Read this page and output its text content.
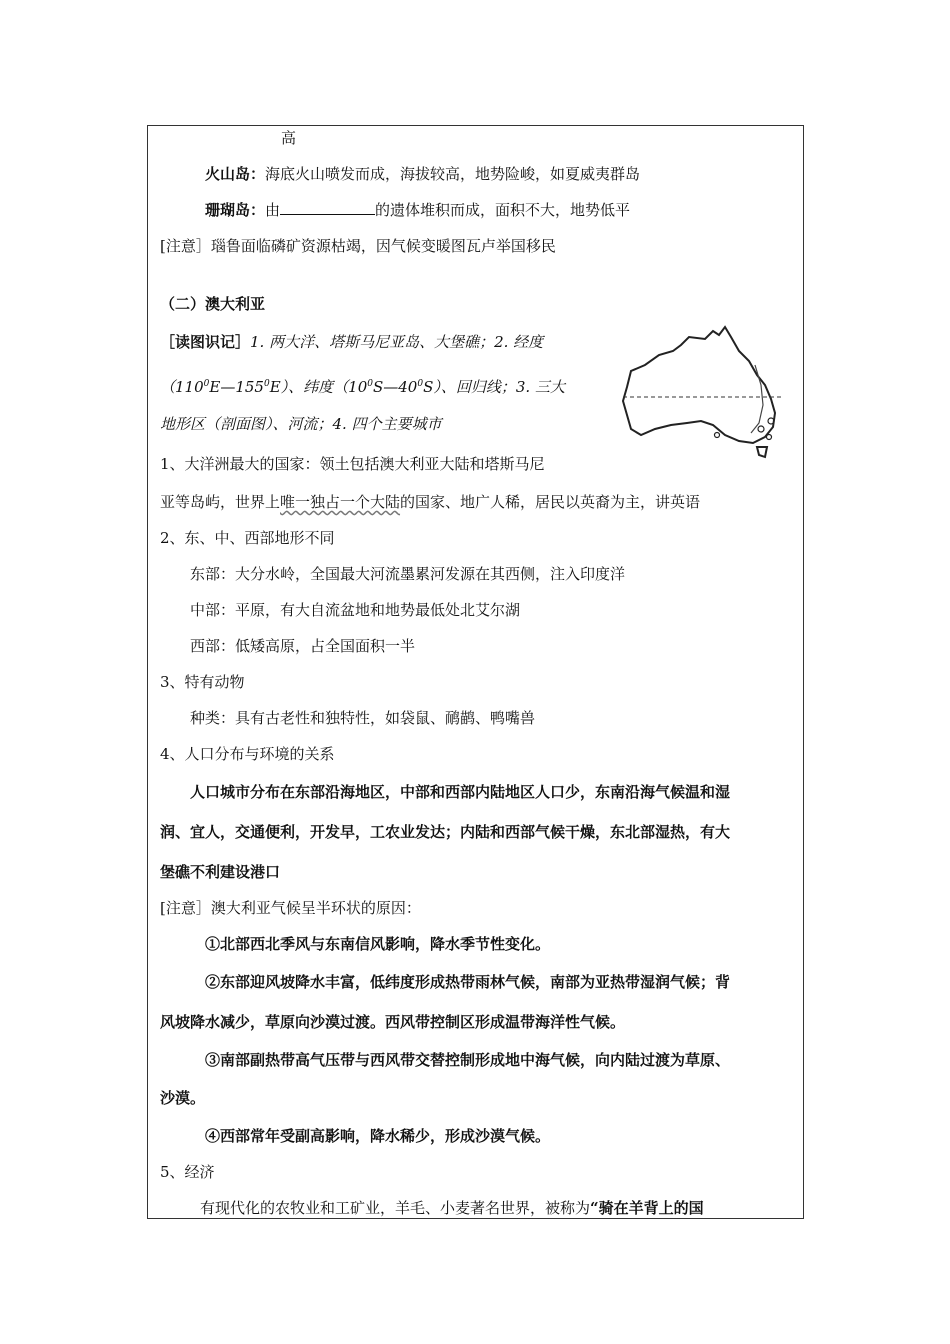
高
火山岛：海底火山喷发而成，海拔较高，地势险峻，如夏威夷群岛
珊瑚岛：由	的遗体堆积而成，面积不大，地势低平
[注意］瑙鲁面临磷矿资源枯竭，因气候变暖图瓦卢举国移民
（二）澳大利亚
［读图识记］1. 两大洋、塔斯马尼亚岛、大堡礁；2. 经度
$(110^0E—155^0E)$、纬度$(10^0S—40^0S)$、回归线；3. 三大
地形区（剖面图）、河流；4. 四个主要城市
1、大洋洲最大的国家：领土包括澳大利亚大陆和塔斯马尼
亚等岛屿，世界上唯一独占一个大陆的国家、地广人稀，居民以英裔为主，讲英语
2、东、中、西部地形不同
东部：大分水岭，全国最大河流墨累河发源在其西侧，注入印度洋
中部：平原，有大自流盆地和地势最低处北艾尔湖
西部：低矮高原，占全国面积一半
3、特有动物
种类：具有古老性和独特性，如袋鼠、鸸鹋、鸭嘴兽
4、人口分布与环境的关系
人口城市分布在东部沿海地区，中部和西部内陆地区人口少，东南沿海气候温和湿
润、宜人，交通便利，开发早，工农业发达；内陆和西部气候干燥，东北部湿热，有大
堡礁不利建设港口
[注意］澳大利亚气候呈半环状的原因：
①北部西北季风与东南信风影响，降水季节性变化。
②东部迎风坡降水丰富，低纬度形成热带雨林气候，南部为亚热带湿润气候；背
风坡降水减少，草原向沙漠过渡。西风带控制区形成温带海洋性气候。
③南部副热带高气压带与西风带交替控制形成地中海气候，向内陆过渡为草原、
沙漠。
④西部常年受副高影响，降水稀少，形成沙漠气候。
5、经济
有现代化的农牧业和工矿业，羊毛、小麦著名世界，被称为“骑在羊背上的国
